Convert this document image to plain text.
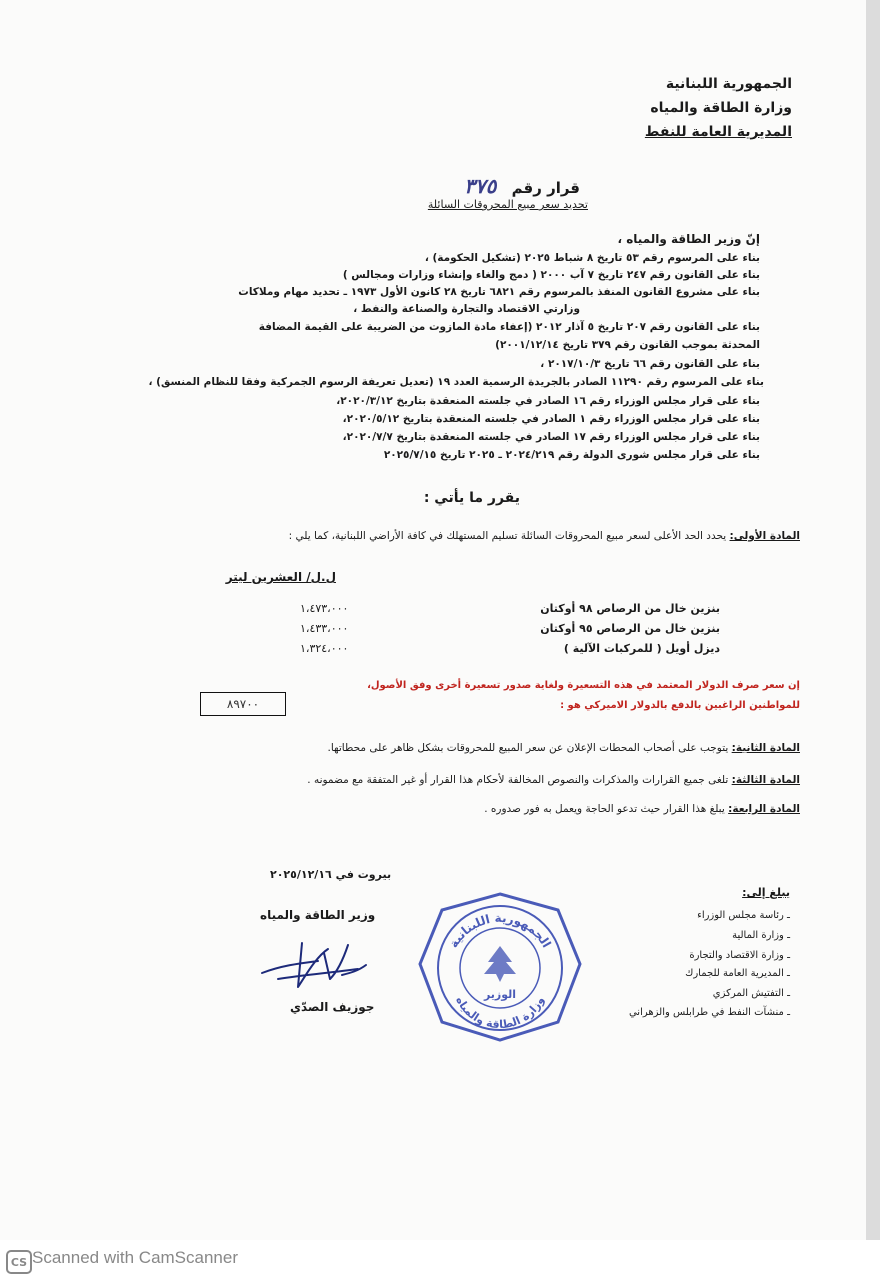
الجمهورية اللبنانية
وزارة الطاقة والمياه
المديرية العامة للنفط
قرار رقم ٣٧٥
تحديد سعر مبيع المحروقات السائلة
إنّ وزير الطاقة والمياه ،
بناء على المرسوم رقم ٥٣ تاريخ ٨ شباط ٢٠٢٥ (تشكيل الحكومة) ،
بناء على القانون رقم ٢٤٧ تاريخ ٧ آب ٢٠٠٠ ( دمج والغاء وإنشاء وزارات ومجالس )
بناء على مشروع القانون المنفذ بالمرسوم رقم ٦٨٢١ تاريخ ٢٨ كانون الأول ١٩٧٣ ـ تحديد مهام وملاكات
وزارتي الاقتصاد والتجارة والصناعة والنفط ،
بناء على القانون رقم ٢٠٧ تاريخ ٥ آذار ٢٠١٢ (إعفاء مادة المازوت من الضريبة على القيمة المضافة
المحدثة بموجب القانون رقم ٣٧٩ تاريخ ٢٠٠١/١٢/١٤)
بناء على القانون رقم ٦٦ تاريخ ٢٠١٧/١٠/٣ ،
بناء على المرسوم رقم ١١٢٩٠ الصادر بالجريدة الرسمية العدد ١٩ (تعديل تعريفة الرسوم الجمركية وفقا للنظام المنسق) ،
بناء على قرار مجلس الوزراء رقم ١٦ الصادر في جلسته المنعقدة بتاريخ ٢٠٢٠/٣/١٢،
بناء على قرار مجلس الوزراء رقم ١ الصادر في جلسته المنعقدة بتاريخ ٢٠٢٠/٥/١٢،
بناء على قرار مجلس الوزراء رقم ١٧ الصادر في جلسته المنعقدة بتاريخ ٢٠٢٠/٧/٧،
بناء على قرار مجلس شورى الدولة رقم ٢٠٢٤/٢١٩ ـ ٢٠٢٥ تاريخ ٢٠٢٥/٧/١٥
يقرر ما يأتي :
المادة الأولى: يحدد الحد الأعلى لسعر مبيع المحروقات السائلة تسليم المستهلك في كافة الأراضي اللبنانية، كما يلي :
ل.ل/ العشرين ليتر
بنزين خال من الرصاص ٩٨ أوكتان
١،٤٧٣،٠٠٠
بنزين خال من الرصاص ٩٥ أوكتان
١،٤٣٣،٠٠٠
ديزل أويل ( للمركبات الآلية )
١،٣٢٤،٠٠٠
إن سعر صرف الدولار المعتمد في هذه التسعيرة ولغاية صدور تسعيرة أخرى وفق الأصول،
للمواطنين الراغبين بالدفع بالدولار الاميركي هو :
٨٩٧٠٠
المادة الثانية: يتوجب على أصحاب المحطات الإعلان عن سعر المبيع للمحروقات بشكل ظاهر على محطاتها.
المادة الثالثة: تلغى جميع القرارات والمذكرات والنصوص المخالفة لأحكام هذا القرار أو غير المتفقة مع مضمونه .
المادة الرابعة: يبلغ هذا القرار حيث تدعو الحاجة ويعمل به فور صدوره .
بيروت في ٢٠٢٥/١٢/١٦
وزير الطاقة والمياه
جوزيف الصدّي
الجمهورية اللبنانية
وزارة الطاقة والمياه
الوزير
يبلغ إلى:
ـ رئاسة مجلس الوزراء
ـ وزارة المالية
ـ وزارة الاقتصاد والتجارة
ـ المديرية العامة للجمارك
ـ التفتيش المركزي
ـ منشآت النفط في طرابلس والزهراني
CS Scanned with CamScanner
